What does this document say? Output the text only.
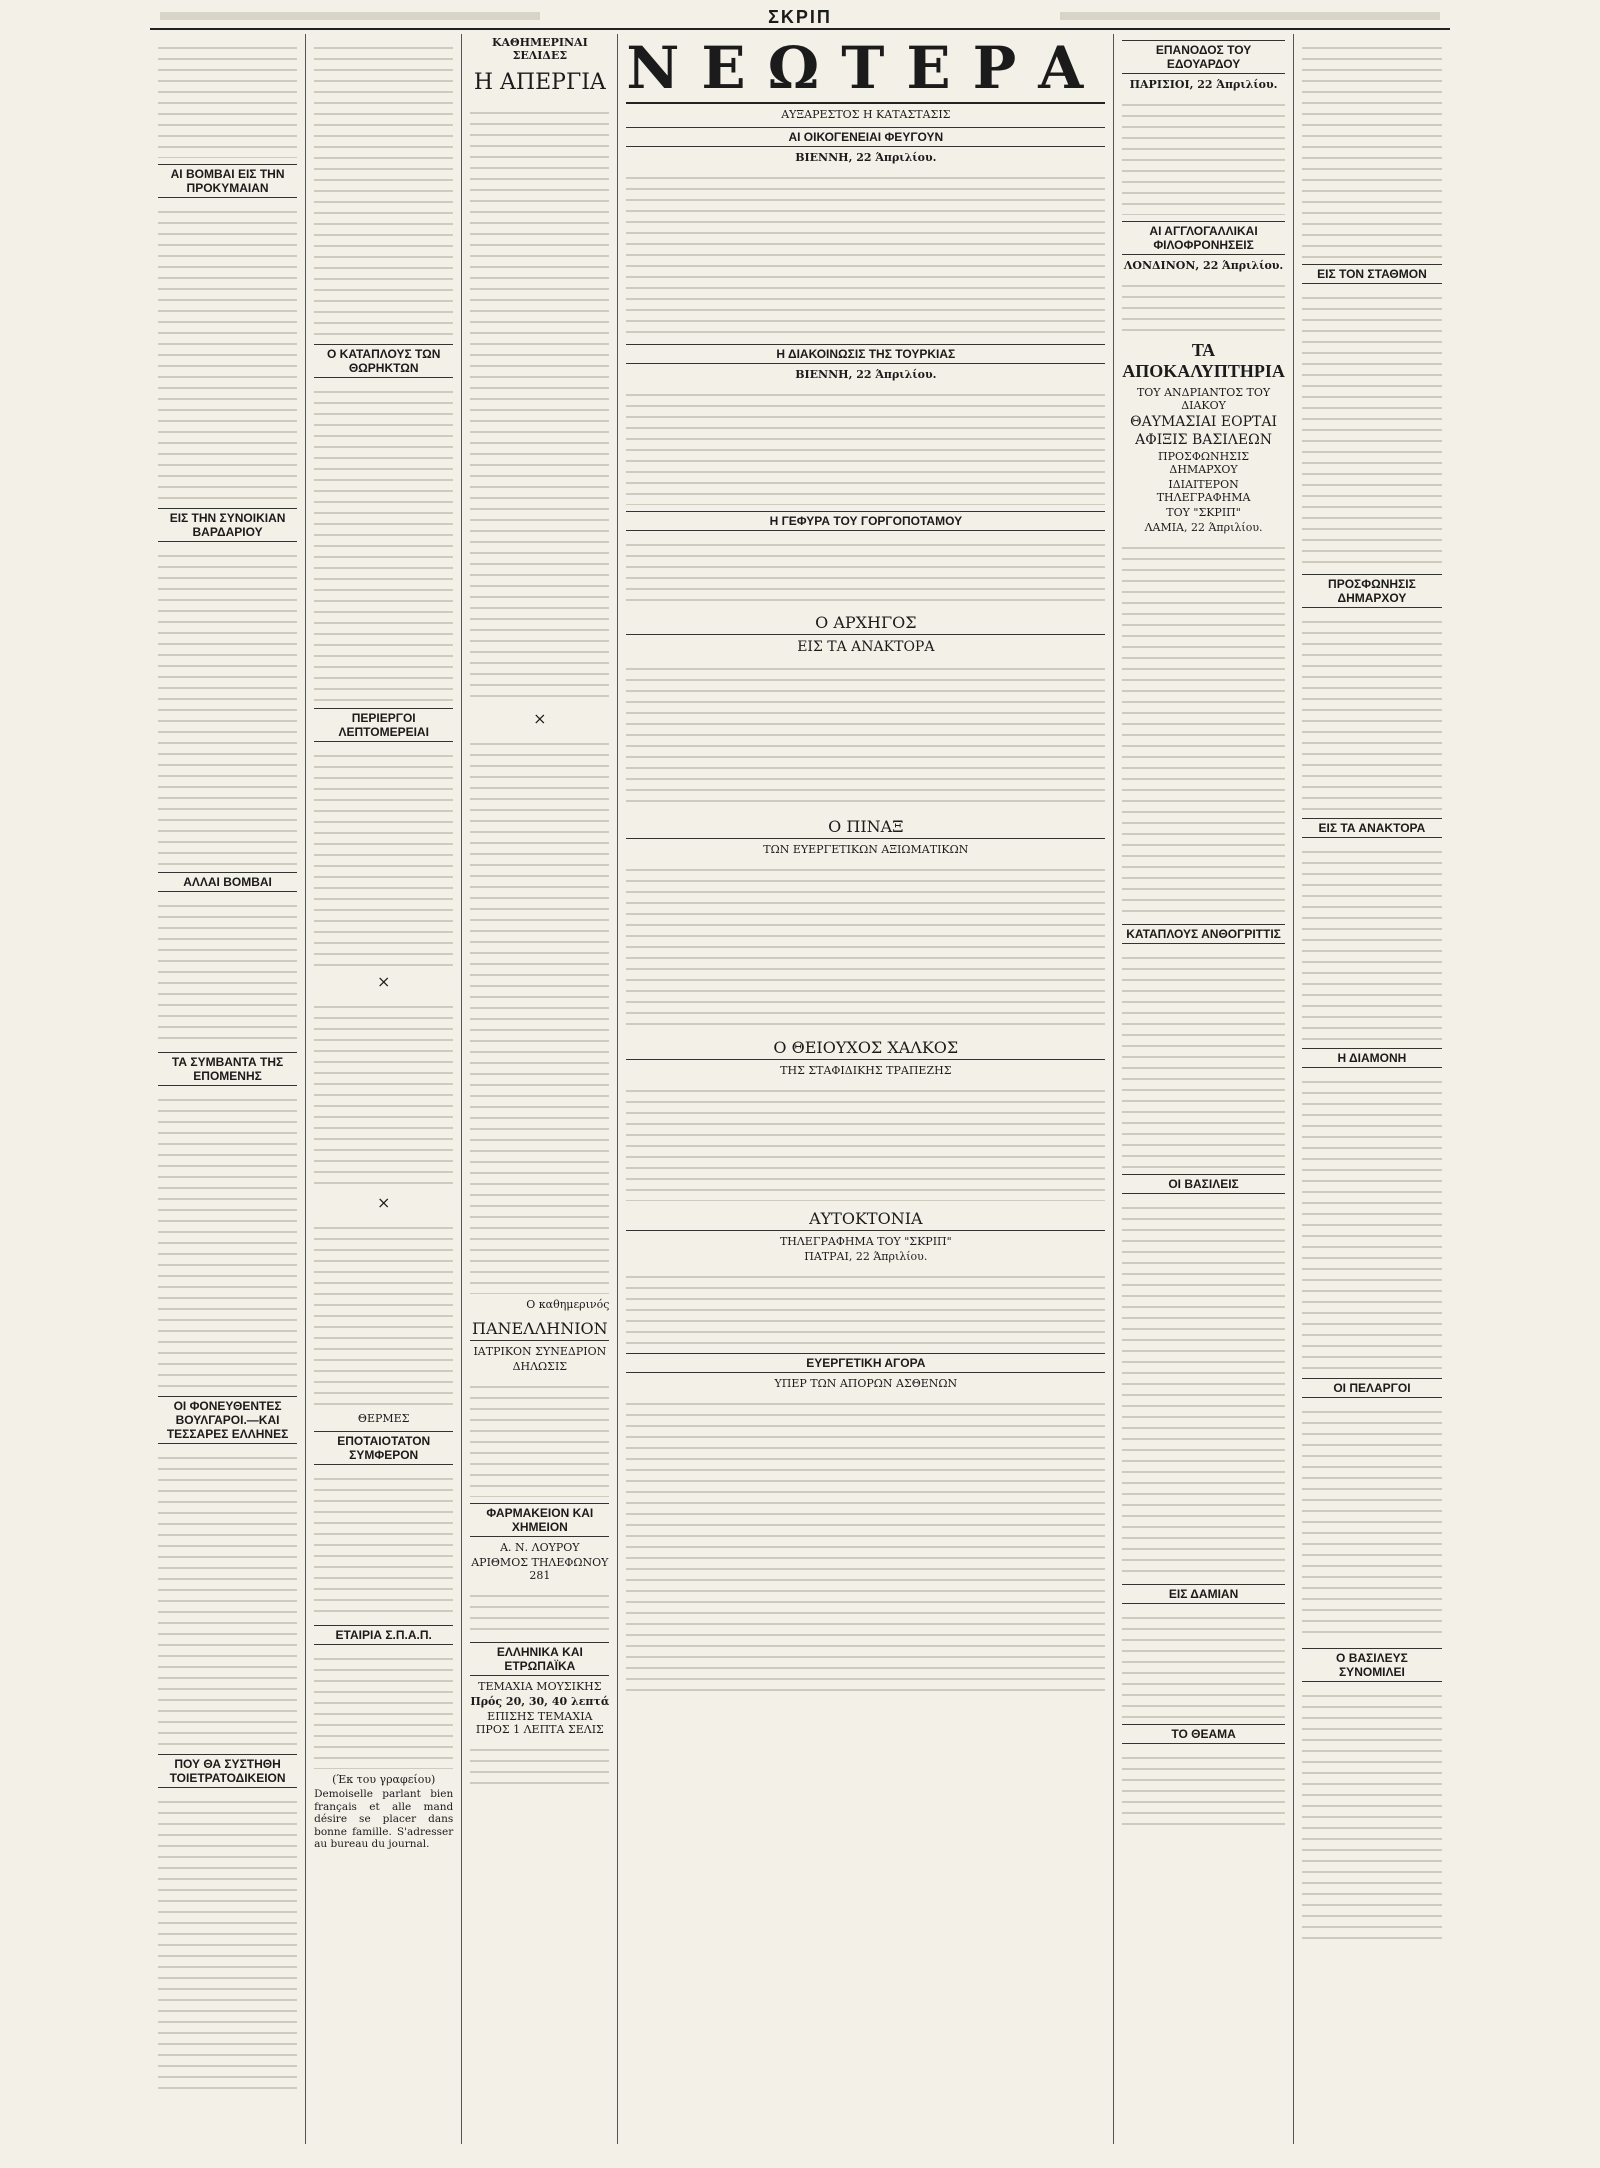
ΣΚΡΙΠ
ΑΙ ΒΟΜΒΑΙ ΕΙΣ ΤΗΝ ΠΡΟΚΥΜΑΙΑΝ
ΕΙΣ ΤΗΝ ΣΥΝΟΙΚΙΑΝ ΒΑΡΔΑΡΙΟΥ
ΑΛΛΑΙ ΒΟΜΒΑΙ
ΤΑ ΣΥΜΒΑΝΤΑ ΤΗΣ ΕΠΟΜΕΝΗΣ
ΟΙ ΦΟΝΕΥΘΕΝΤΕΣ ΒΟΥΛΓΑΡΟΙ.—ΚΑΙ ΤΕΣΣΑΡΕΣ ΕΛΛΗΝΕΣ
ΠΟΥ ΘΑ ΣΥΣΤΗΘΗ ΤΟΙΕΤΡΑΤΟΔΙΚΕΙΟΝ
Ο ΚΑΤΑΠΛΟΥΣ ΤΩΝ ΘΩΡΗΚΤΩΝ
ΠΕΡΙΕΡΓΟΙ ΛΕΠΤΟΜΕΡΕΙΑΙ
×
×
ΘΕΡΜΕΣ
ΕΠΟΤΑΙΟΤΑΤΟΝ ΣΥΜΦΕΡΟΝ
ΕΤΑΙΡΙΑ Σ.Π.Α.Π.
(Έκ του γραφείου)
Demoiselle parlant bien français et alle mand désire se placer dans bonne famille. S'adresser au bureau du journal.
ΚΑΘΗΜΕΡΙΝΑΙ ΣΕΛΙΔΕΣ
Η ΑΠΕΡΓΙΑ
×
Ο καθημερινός
ΠΑΝΕΛΛΗΝΙΟΝ
ΙΑΤΡΙΚΟΝ ΣΥΝΕΔΡΙΟΝ
ΔΗΛΩΣΙΣ
ΦΑΡΜΑΚΕΙΟΝ ΚΑΙ ΧΗΜΕΙΟΝ
Α. Ν. ΛΟΥΡΟΥ
ΑΡΙΘΜΟΣ ΤΗΛΕΦΩΝΟΥ 281
ΕΛΛΗΝΙΚΑ ΚΑΙ ΕΤΡΩΠΑΪΚΑ
ΤΕΜΑΧΙΑ ΜΟΥΣΙΚΗΣ
Πρός 20, 30, 40 λεπτά
ΕΠΙΣΗΣ ΤΕΜΑΧΙΑ ΠΡΟΣ 1 ΛΕΠΤΑ ΣΕΛΙΣ
ΝΕΩΤΕΡΑ
ΑΥΞΑΡΕΣΤΟΣ Η ΚΑΤΑΣΤΑΣΙΣ
ΑΙ ΟΙΚΟΓΕΝΕΙΑΙ ΦΕΥΓΟΥΝ
ΒΙΕΝΝΗ, 22 Άπριλίου.
Η ΔΙΑΚΟΙΝΩΣΙΣ ΤΗΣ ΤΟΥΡΚΙΑΣ
ΒΙΕΝΝΗ, 22 Άπριλίου.
Η ΓΕΦΥΡΑ ΤΟΥ ΓΟΡΓΟΠΟΤΑΜΟΥ
Ο ΑΡΧΗΓΟΣ
ΕΙΣ ΤΑ ΑΝΑΚΤΟΡΑ
Ο ΠΙΝΑΞ
ΤΩΝ ΕΥΕΡΓΕΤΙΚΩΝ ΑΞΙΩΜΑΤΙΚΩΝ
Ο ΘΕΙΟΥΧΟΣ ΧΑΛΚΟΣ
ΤΗΣ ΣΤΑΦΙΔΙΚΗΣ ΤΡΑΠΕΖΗΣ
ΑΥΤΟΚΤΟΝΙΑ
ΤΗΛΕΓΡΑΦΗΜΑ ΤΟΥ "ΣΚΡΙΠ"
ΠΑΤΡΑΙ, 22 Άπριλίου.
ΕΥΕΡΓΕΤΙΚΗ ΑΓΟΡΑ
ΥΠΕΡ ΤΩΝ ΑΠΟΡΩΝ ΑΣΘΕΝΩΝ
ΕΠΑΝΟΔΟΣ ΤΟΥ ΕΔΟΥΑΡΔΟΥ
ΠΑΡΙΣΙΟΙ, 22 Άπριλίου.
ΑΙ ΑΓΓΛΟΓΑΛΛΙΚΑΙ ΦΙΛΟΦΡΟΝΗΣΕΙΣ
ΛΟΝΔΙΝΟΝ, 22 Άπριλίου.
ΤΑ ΑΠΟΚΑΛΥΠΤΗΡΙΑ
ΤΟΥ ΑΝΔΡΙΑΝΤΟΣ ΤΟΥ ΔΙΑΚΟΥ
ΘΑΥΜΑΣΙΑΙ ΕΟΡΤΑΙ
ΑΦΙΞΙΣ ΒΑΣΙΛΕΩΝ
ΠΡΟΣΦΩΝΗΣΙΣ ΔΗΜΑΡΧΟΥ
ΙΔΙΑΙΤΕΡΟΝ ΤΗΛΕΓΡΑΦΗΜΑ
ΤΟΥ "ΣΚΡΙΠ"
ΛΑΜΙΑ, 22 Άπριλίου.
ΚΑΤΑΠΛΟΥΣ ΑΝΘΟΓΡΙΤΤΙΣ
ΟΙ ΒΑΣΙΛΕΙΣ
ΕΙΣ ΔΑΜΙΑΝ
ΤΟ ΘΕΑΜΑ
ΕΙΣ ΤΟΝ ΣΤΑΘΜΟΝ
ΠΡΟΣΦΩΝΗΣΙΣ ΔΗΜΑΡΧΟΥ
ΕΙΣ ΤΑ ΑΝΑΚΤΟΡΑ
Η ΔΙΑΜΟΝΗ
ΟΙ ΠΕΛΑΡΓΟΙ
Ο ΒΑΣΙΛΕΥΣ ΣΥΝΟΜΙΛΕΙ
